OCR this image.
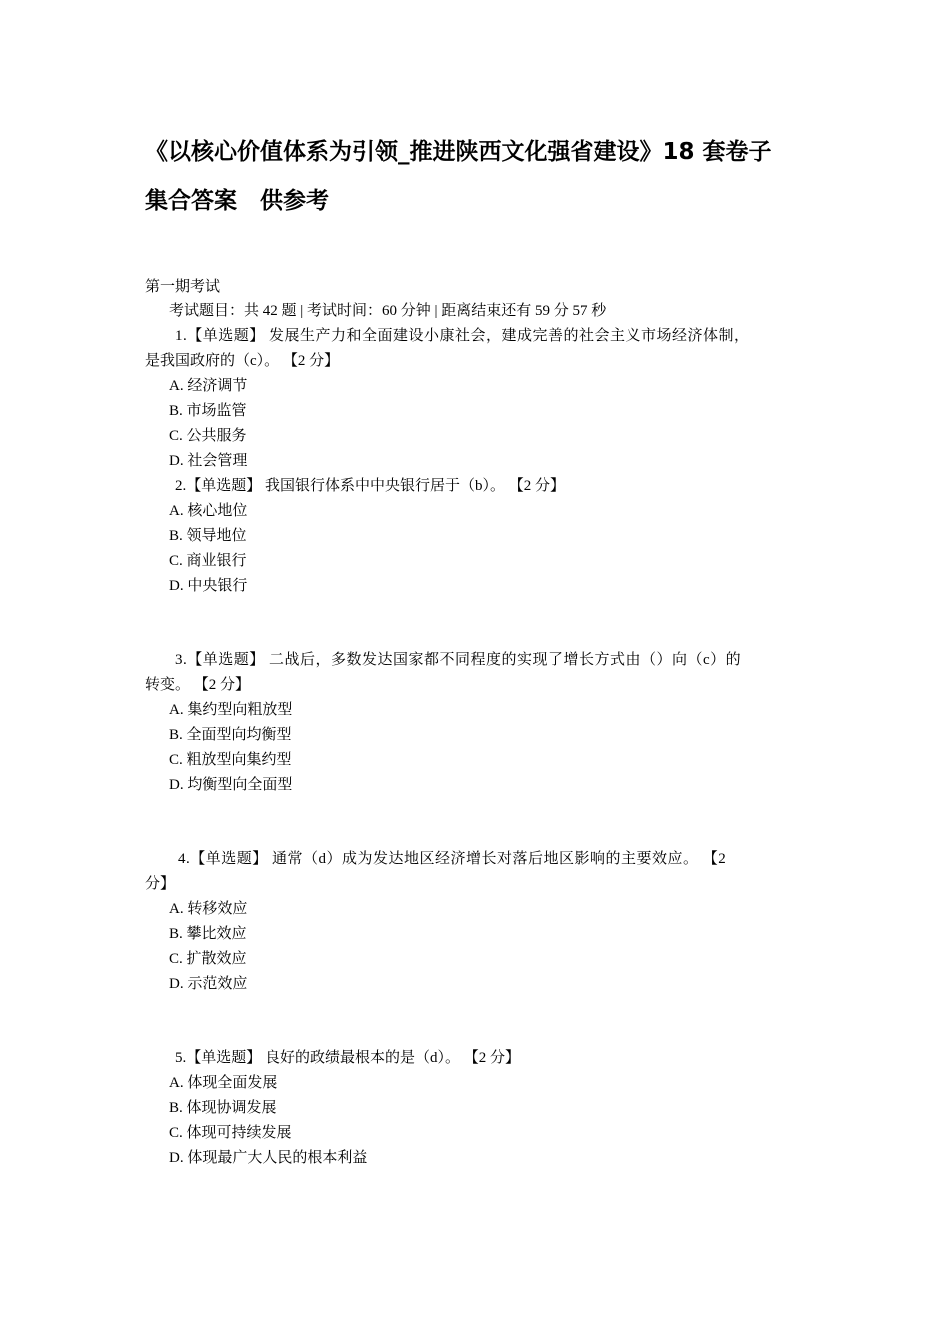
《以核心价值体系为引领_推进陕西文化强省建设》18 套卷子
集合答案　供参考
第一期考试
考试题目：共 42 题 | 考试时间：60 分钟 | 距离结束还有 59 分 57 秒
1.【单选题】 发展生产力和全面建设小康社会，建成完善的社会主义市场经济体制，
是我国政府的（c）。 【2 分】
A. 经济调节
B. 市场监管
C. 公共服务
D. 社会管理
2.【单选题】 我国银行体系中中央银行居于（b）。 【2 分】
A. 核心地位
B. 领导地位
C. 商业银行
D. 中央银行
3.【单选题】 二战后，多数发达国家都不同程度的实现了增长方式由（）向（c）的
转变。 【2 分】
A. 集约型向粗放型
B. 全面型向均衡型
C. 粗放型向集约型
D. 均衡型向全面型
4.【单选题】 通常（d）成为发达地区经济增长对落后地区影响的主要效应。 【2
分】
A. 转移效应
B. 攀比效应
C. 扩散效应
D. 示范效应
5.【单选题】 良好的政绩最根本的是（d）。 【2 分】
A. 体现全面发展
B. 体现协调发展
C. 体现可持续发展
D. 体现最广大人民的根本利益
